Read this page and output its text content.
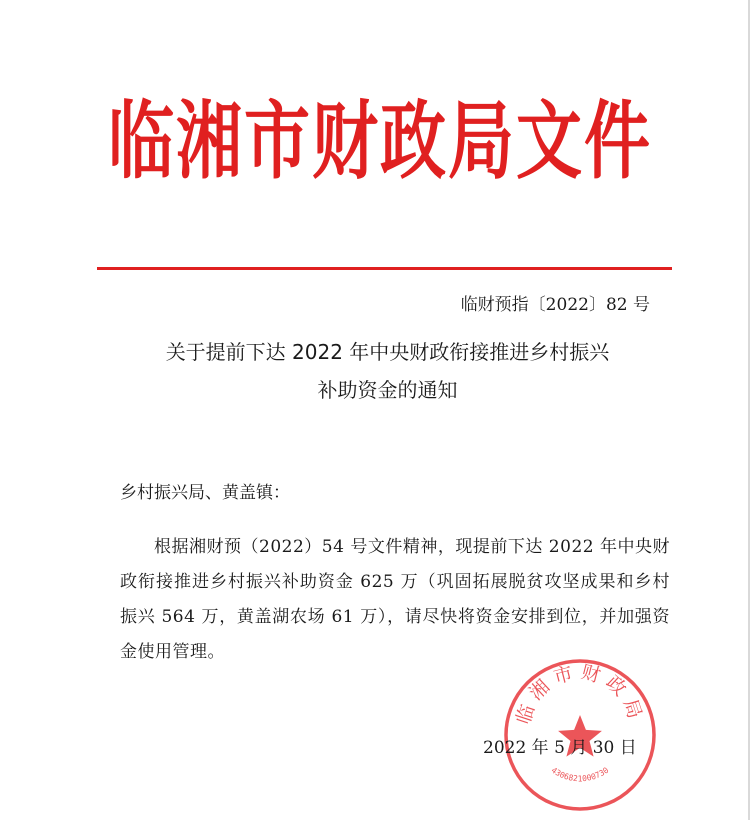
临湘市财政局文件
临财预指〔2022〕82 号
关于提前下达 2022 年中央财政衔接推进乡村振兴
补助资金的通知
乡村振兴局、黄盖镇：
根据湘财预（2022）54 号文件精神，现提前下达 2022 年中央财政衔接推进乡村振兴补助资金 625 万（巩固拓展脱贫攻坚成果和乡村振兴 564 万，黄盖湖农场 61 万），请尽快将资金安排到位，并加强资金使用管理。
临湘市财政局
4306821000730
2022 年 5 月 30 日
